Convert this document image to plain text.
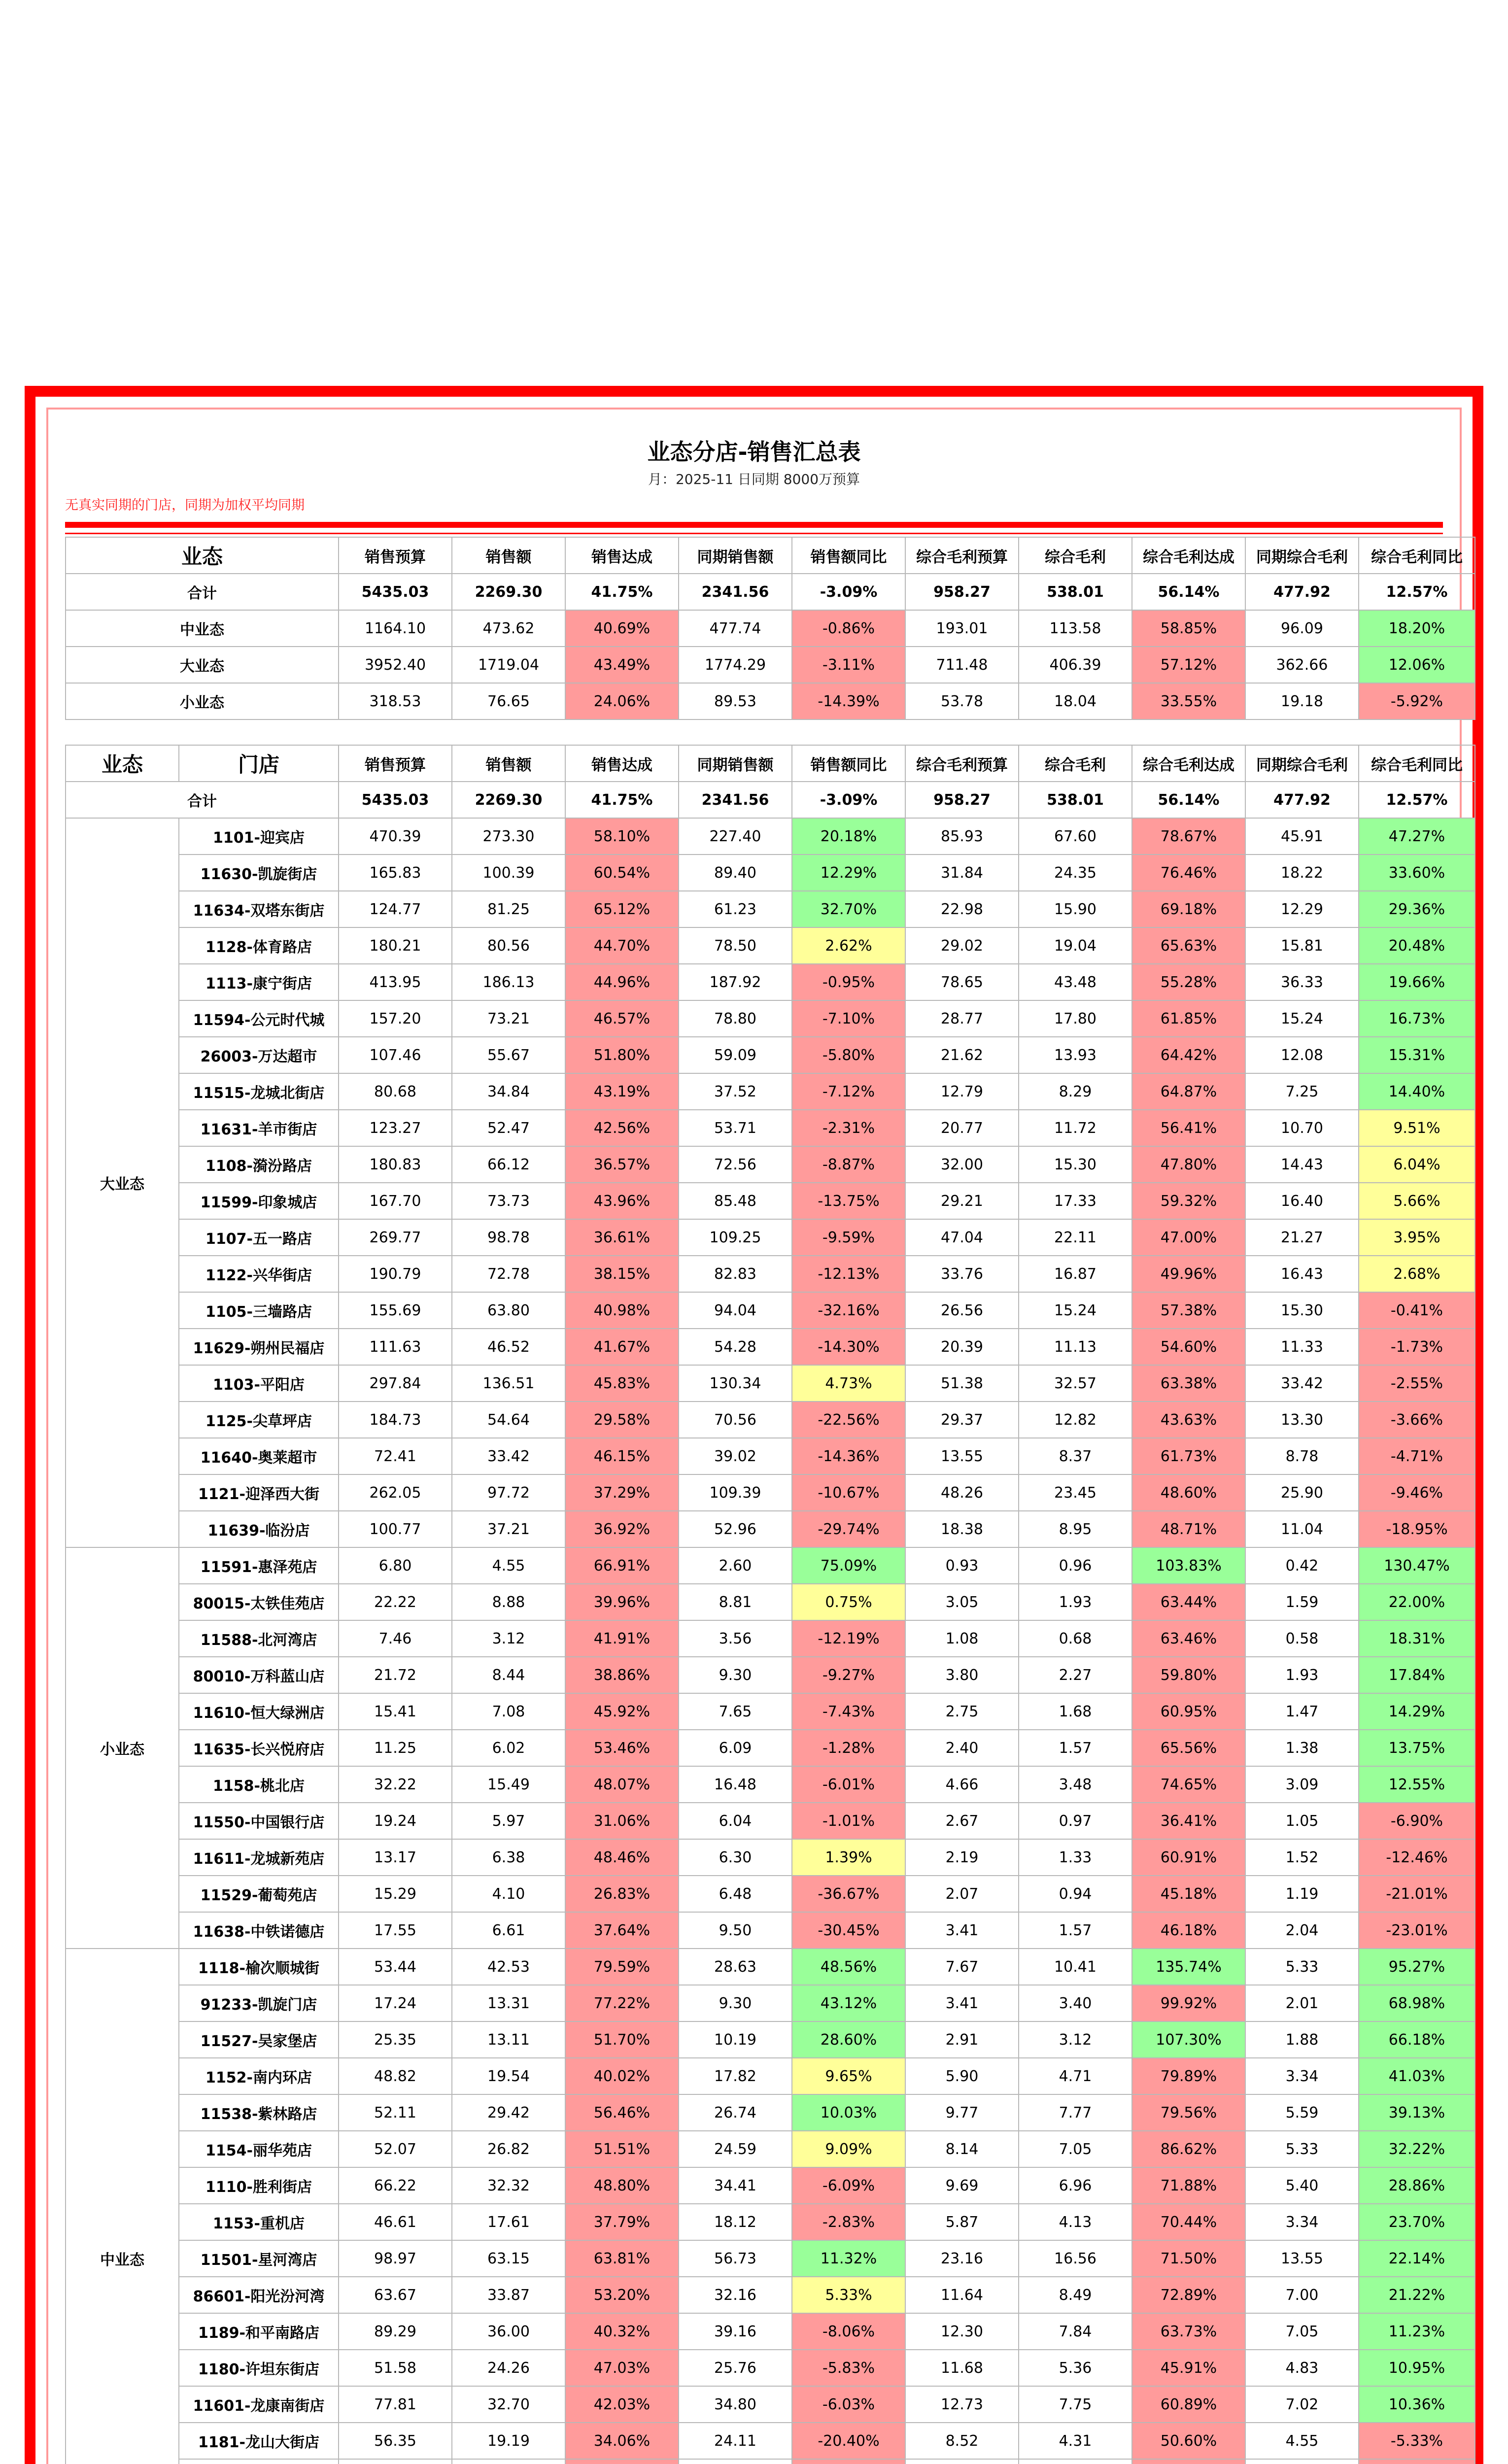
业态分店-销售汇总表
月：2025-11 日同期 8000万预算
无真实同期的门店，同期为加权平均同期
业态	销售预算	销售额	销售达成	同期销售额	销售额同比	综合毛利预算	综合毛利	综合毛利达成	同期综合毛利	综合毛利同比
合计	5435.03	2269.30	41.75%	2341.56	-3.09%	958.27	538.01	56.14%	477.92	12.57%
中业态	1164.10	473.62	40.69%	477.74	-0.86%	193.01	113.58	58.85%	96.09	18.20%
大业态	3952.40	1719.04	43.49%	1774.29	-3.11%	711.48	406.39	57.12%	362.66	12.06%
小业态	318.53	76.65	24.06%	89.53	-14.39%	53.78	18.04	33.55%	19.18	-5.92%
业态	门店	销售预算	销售额	销售达成	同期销售额	销售额同比	综合毛利预算	综合毛利	综合毛利达成	同期综合毛利	综合毛利同比
合计		5435.03	2269.30	41.75%	2341.56	-3.09%	958.27	538.01	56.14%	477.92	12.57%
大业态	1101-迎宾店	470.39	273.30	58.10%	227.40	20.18%	85.93	67.60	78.67%	45.91	47.27%
	11630-凯旋街店	165.83	100.39	60.54%	89.40	12.29%	31.84	24.35	76.46%	18.22	33.60%
	11634-双塔东街店	124.77	81.25	65.12%	61.23	32.70%	22.98	15.90	69.18%	12.29	29.36%
	1128-体育路店	180.21	80.56	44.70%	78.50	2.62%	29.02	19.04	65.63%	15.81	20.48%
	1113-康宁街店	413.95	186.13	44.96%	187.92	-0.95%	78.65	43.48	55.28%	36.33	19.66%
	11594-公元时代城	157.20	73.21	46.57%	78.80	-7.10%	28.77	17.80	61.85%	15.24	16.73%
	26003-万达超市	107.46	55.67	51.80%	59.09	-5.80%	21.62	13.93	64.42%	12.08	15.31%
	11515-龙城北街店	80.68	34.84	43.19%	37.52	-7.12%	12.79	8.29	64.87%	7.25	14.40%
	11631-羊市街店	123.27	52.47	42.56%	53.71	-2.31%	20.77	11.72	56.41%	10.70	9.51%
	1108-漪汾路店	180.83	66.12	36.57%	72.56	-8.87%	32.00	15.30	47.80%	14.43	6.04%
	11599-印象城店	167.70	73.73	43.96%	85.48	-13.75%	29.21	17.33	59.32%	16.40	5.66%
	1107-五一路店	269.77	98.78	36.61%	109.25	-9.59%	47.04	22.11	47.00%	21.27	3.95%
	1122-兴华街店	190.79	72.78	38.15%	82.83	-12.13%	33.76	16.87	49.96%	16.43	2.68%
	1105-三墙路店	155.69	63.80	40.98%	94.04	-32.16%	26.56	15.24	57.38%	15.30	-0.41%
	11629-朔州民福店	111.63	46.52	41.67%	54.28	-14.30%	20.39	11.13	54.60%	11.33	-1.73%
	1103-平阳店	297.84	136.51	45.83%	130.34	4.73%	51.38	32.57	63.38%	33.42	-2.55%
	1125-尖草坪店	184.73	54.64	29.58%	70.56	-22.56%	29.37	12.82	43.63%	13.30	-3.66%
	11640-奥莱超市	72.41	33.42	46.15%	39.02	-14.36%	13.55	8.37	61.73%	8.78	-4.71%
	1121-迎泽西大街	262.05	97.72	37.29%	109.39	-10.67%	48.26	23.45	48.60%	25.90	-9.46%
	11639-临汾店	100.77	37.21	36.92%	52.96	-29.74%	18.38	8.95	48.71%	11.04	-18.95%
小业态	11591-惠泽苑店	6.80	4.55	66.91%	2.60	75.09%	0.93	0.96	103.83%	0.42	130.47%
	80015-太铁佳苑店	22.22	8.88	39.96%	8.81	0.75%	3.05	1.93	63.44%	1.59	22.00%
	11588-北河湾店	7.46	3.12	41.91%	3.56	-12.19%	1.08	0.68	63.46%	0.58	18.31%
	80010-万科蓝山店	21.72	8.44	38.86%	9.30	-9.27%	3.80	2.27	59.80%	1.93	17.84%
	11610-恒大绿洲店	15.41	7.08	45.92%	7.65	-7.43%	2.75	1.68	60.95%	1.47	14.29%
	11635-长兴悦府店	11.25	6.02	53.46%	6.09	-1.28%	2.40	1.57	65.56%	1.38	13.75%
	1158-桃北店	32.22	15.49	48.07%	16.48	-6.01%	4.66	3.48	74.65%	3.09	12.55%
	11550-中国银行店	19.24	5.97	31.06%	6.04	-1.01%	2.67	0.97	36.41%	1.05	-6.90%
	11611-龙城新苑店	13.17	6.38	48.46%	6.30	1.39%	2.19	1.33	60.91%	1.52	-12.46%
	11529-葡萄苑店	15.29	4.10	26.83%	6.48	-36.67%	2.07	0.94	45.18%	1.19	-21.01%
	11638-中铁诺德店	17.55	6.61	37.64%	9.50	-30.45%	3.41	1.57	46.18%	2.04	-23.01%
中业态	1118-榆次顺城街	53.44	42.53	79.59%	28.63	48.56%	7.67	10.41	135.74%	5.33	95.27%
	91233-凯旋门店	17.24	13.31	77.22%	9.30	43.12%	3.41	3.40	99.92%	2.01	68.98%
	11527-吴家堡店	25.35	13.11	51.70%	10.19	28.60%	2.91	3.12	107.30%	1.88	66.18%
	1152-南内环店	48.82	19.54	40.02%	17.82	9.65%	5.90	4.71	79.89%	3.34	41.03%
	11538-紫林路店	52.11	29.42	56.46%	26.74	10.03%	9.77	7.77	79.56%	5.59	39.13%
	1154-丽华苑店	52.07	26.82	51.51%	24.59	9.09%	8.14	7.05	86.62%	5.33	32.22%
	1110-胜利街店	66.22	32.32	48.80%	34.41	-6.09%	9.69	6.96	71.88%	5.40	28.86%
	1153-重机店	46.61	17.61	37.79%	18.12	-2.83%	5.87	4.13	70.44%	3.34	23.70%
	11501-星河湾店	98.97	63.15	63.81%	56.73	11.32%	23.16	16.56	71.50%	13.55	22.14%
	86601-阳光汾河湾	63.67	33.87	53.20%	32.16	5.33%	11.64	8.49	72.89%	7.00	21.22%
	1189-和平南路店	89.29	36.00	40.32%	39.16	-8.06%	12.30	7.84	63.73%	7.05	11.23%
	1180-许坦东街店	51.58	24.26	47.03%	25.76	-5.83%	11.68	5.36	45.91%	4.83	10.95%
	11601-龙康南街店	77.81	32.70	42.03%	34.80	-6.03%	12.73	7.75	60.89%	7.02	10.36%
	1181-龙山大街店	56.35	19.19	34.06%	24.11	-20.40%	8.52	4.31	50.60%	4.55	-5.33%
